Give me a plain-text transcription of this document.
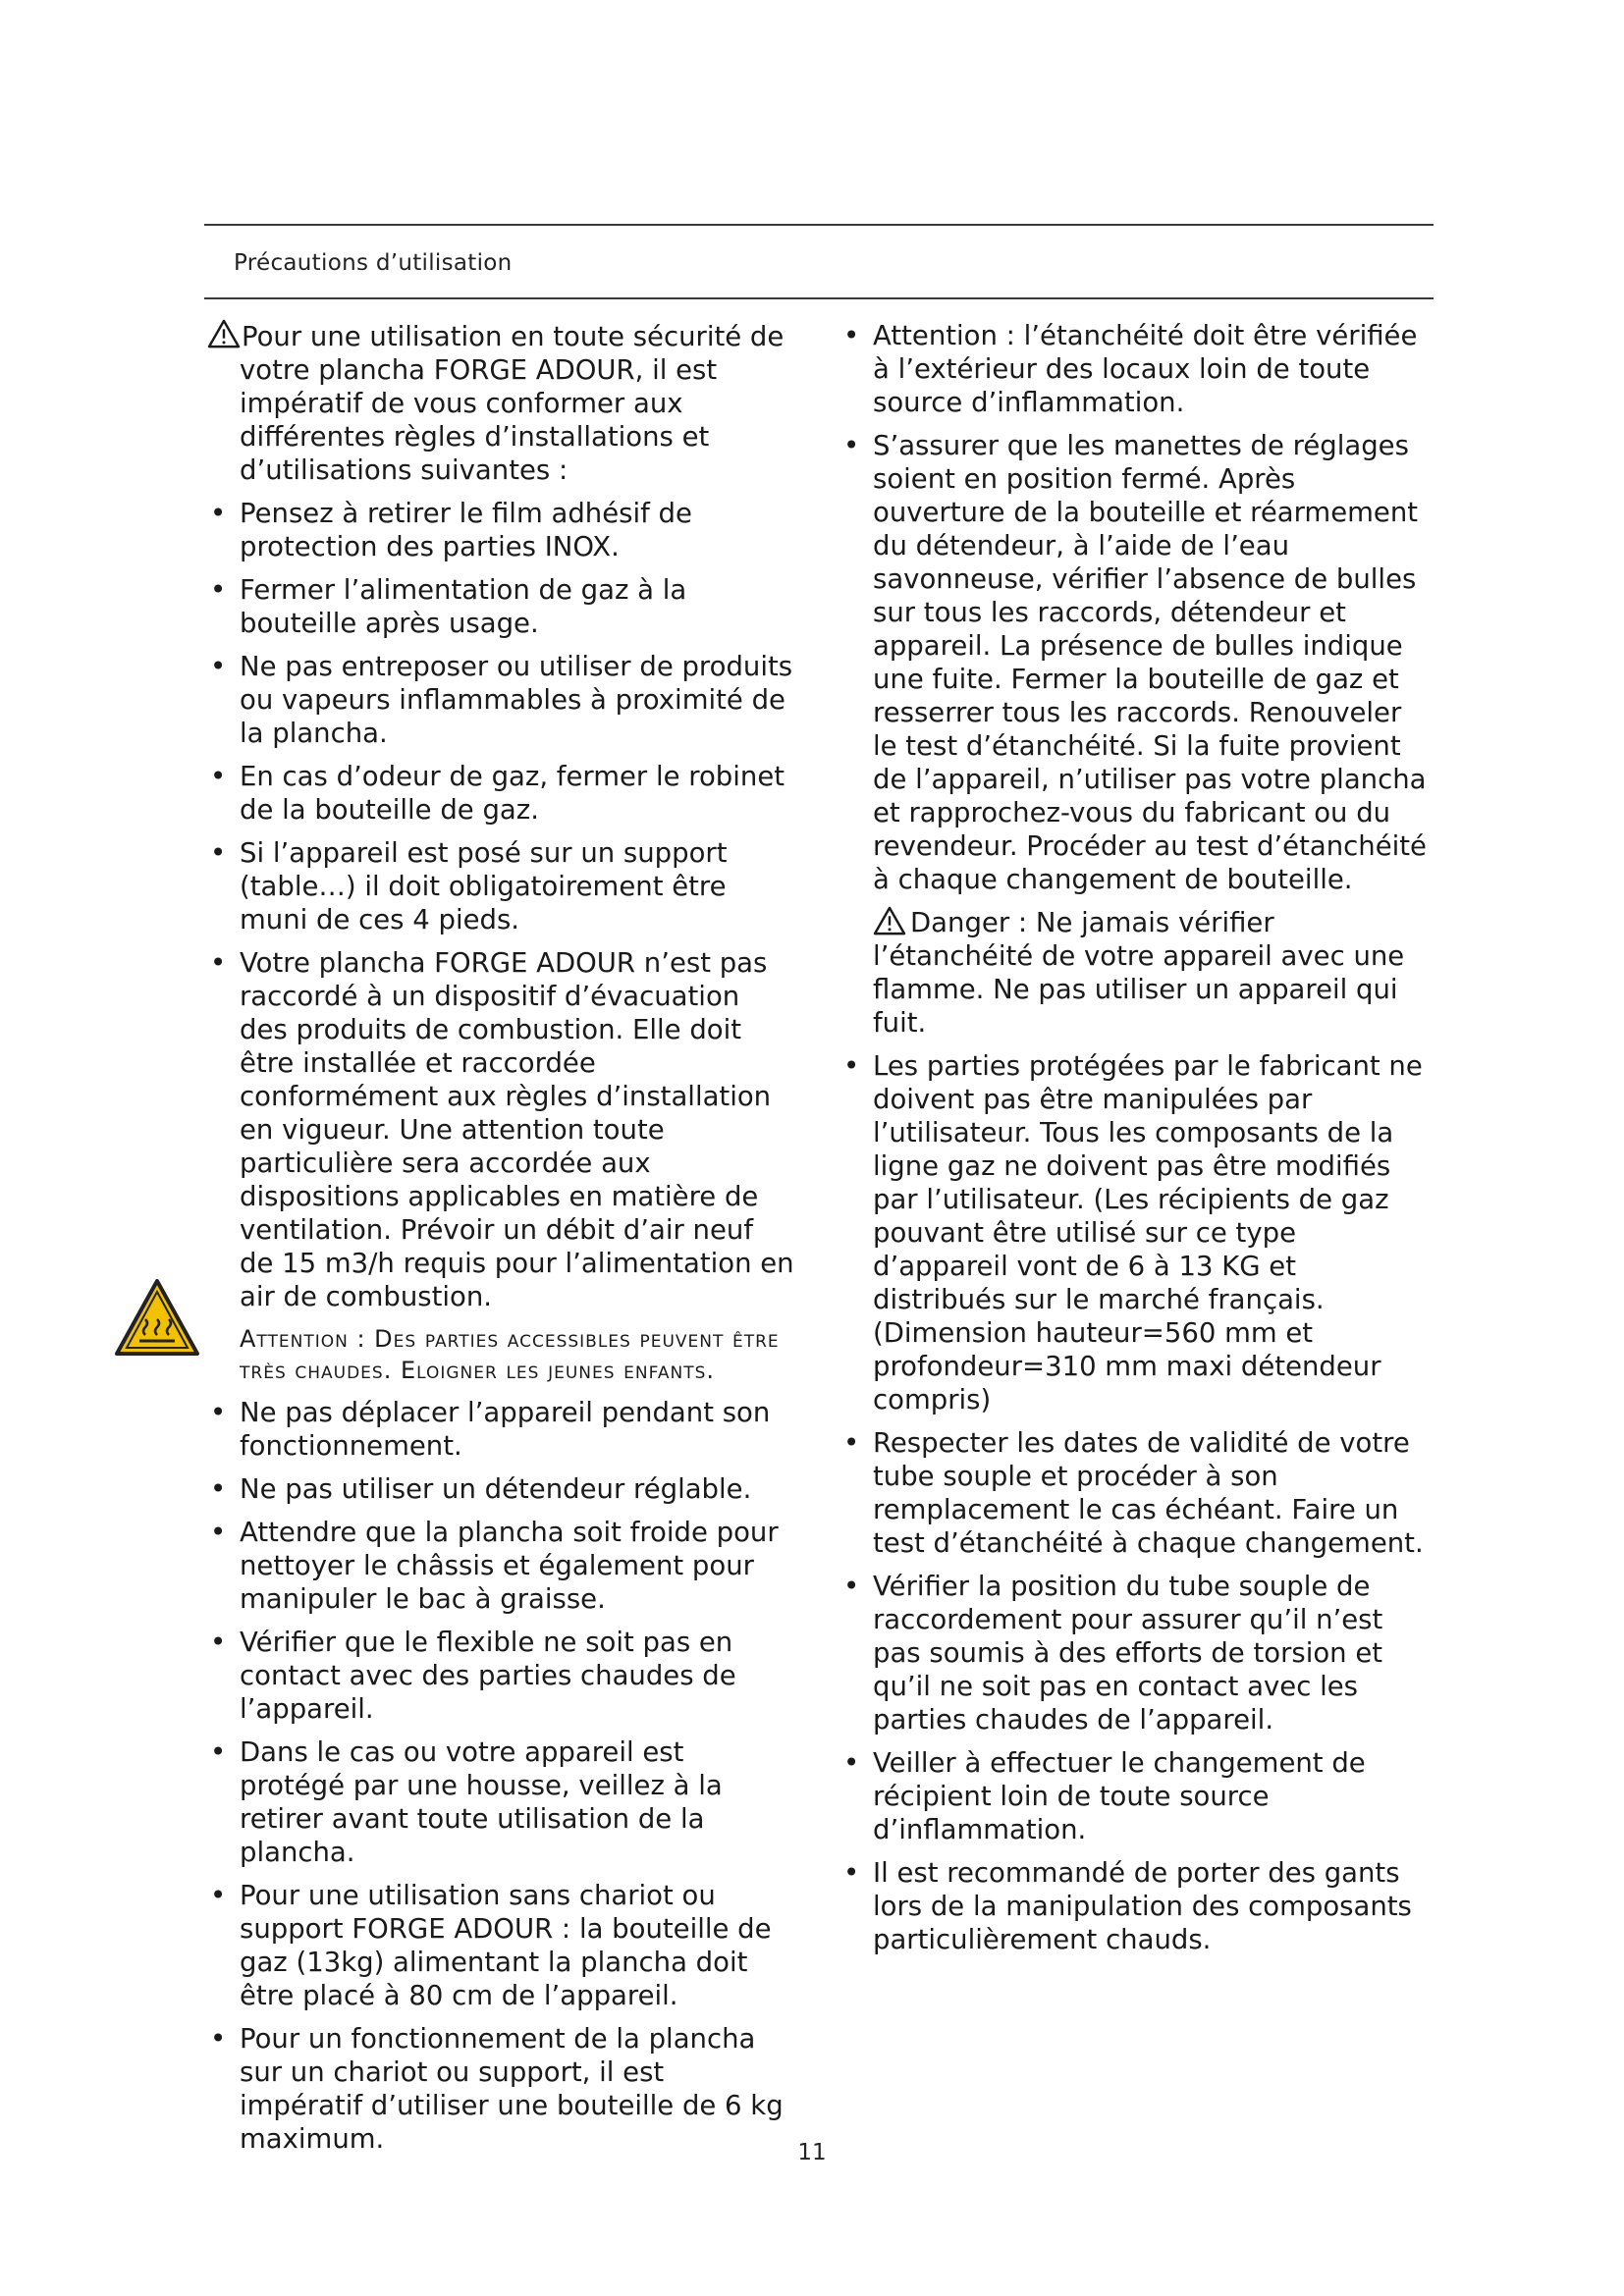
Précautions d’utilisation

Pour une utilisation en toute sécurité de votre plancha FORGE ADOUR, il est impératif de vous conformer aux différentes règles d’installations et d’utilisations suivantes :

• Pensez à retirer le film adhésif de protection des parties INOX.
• Fermer l’alimentation de gaz à la bouteille après usage.
• Ne pas entreposer ou utiliser de produits ou vapeurs inflammables à proximité de la plancha.
• En cas d’odeur de gaz, fermer le robinet de la bouteille de gaz.
• Si l’appareil est posé sur un support (table…) il doit obligatoirement être muni de ces 4 pieds.
• Votre plancha FORGE ADOUR n’est pas raccordé à un dispositif d’évacuation des produits de combustion. Elle doit être installée et raccordée conformément aux règles d’installation en vigueur. Une attention toute particulière sera accordée aux dispositions applicables en matière de ventilation. Prévoir un débit d’air neuf de 15 m3/h requis pour l’alimentation en air de combustion.
Attention : Des parties accessibles peuvent être très chaudes. Eloigner les jeunes enfants.
• Ne pas déplacer l’appareil pendant son fonctionnement.
• Ne pas utiliser un détendeur réglable.
• Attendre que la plancha soit froide pour nettoyer le châssis et également pour manipuler le bac à graisse.
• Vérifier que le flexible ne soit pas en contact avec des parties chaudes de l’appareil.
• Dans le cas ou votre appareil est protégé par une housse, veillez à la retirer avant toute utilisation de la plancha.
• Pour une utilisation sans chariot ou support FORGE ADOUR : la bouteille de gaz (13kg) alimentant la plancha doit être placé à 80 cm de l’appareil.
• Pour un fonctionnement de la plancha sur un chariot ou support, il est impératif d’utiliser une bouteille de 6 kg maximum.
• Attention : l’étanchéité doit être vérifiée à l’extérieur des locaux loin de toute source d’inflammation.
• S’assurer que les manettes de réglages soient en position fermé. Après ouverture de la bouteille et réarmement du détendeur, à l’aide de l’eau savonneuse, vérifier l’absence de bulles sur tous les raccords, détendeur et appareil. La présence de bulles indique une fuite. Fermer la bouteille de gaz et resserrer tous les raccords. Renouveler le test d’étanchéité. Si la fuite provient de l’appareil, n’utiliser pas votre plancha et rapprochez-vous du fabricant ou du revendeur. Procéder au test d’étanchéité à chaque changement de bouteille.
Danger : Ne jamais vérifier l’étanchéité de votre appareil avec une flamme. Ne pas utiliser un appareil qui fuit.
• Les parties protégées par le fabricant ne doivent pas être manipulées par l’utilisateur. Tous les composants de la ligne gaz ne doivent pas être modifiés par l’utilisateur. (Les récipients de gaz pouvant être utilisé sur ce type d’appareil vont de 6 à 13 KG et distribués sur le marché français. (Dimension hauteur=560 mm et profondeur=310 mm maxi détendeur compris)
• Respecter les dates de validité de votre tube souple et procéder à son remplacement le cas échéant. Faire un test d’étanchéité à chaque changement.
• Vérifier la position du tube souple de raccordement pour assurer qu’il n’est pas soumis à des efforts de torsion et qu’il ne soit pas en contact avec les parties chaudes de l’appareil.
• Veiller à effectuer le changement de récipient loin de toute source d’inflammation.
• Il est recommandé de porter des gants lors de la manipulation des composants particulièrement chauds.
11
